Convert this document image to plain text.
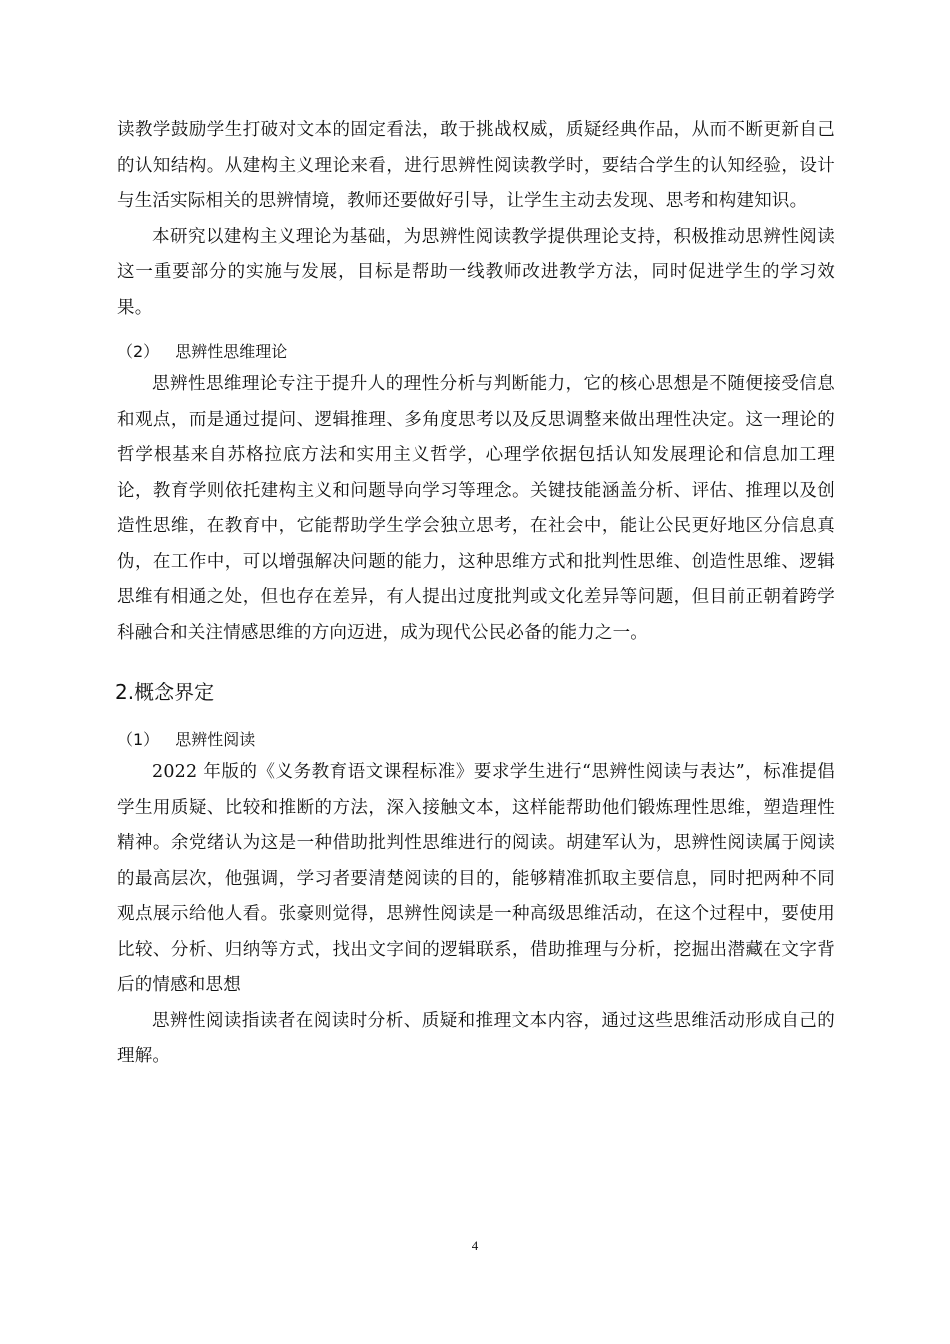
读教学鼓励学生打破对文本的固定看法，敢于挑战权威，质疑经典作品，从而不断更新自己的认知结构。从建构主义理论来看，进行思辨性阅读教学时，要结合学生的认知经验，设计与生活实际相关的思辨情境，教师还要做好引导，让学生主动去发现、思考和构建知识。

本研究以建构主义理论为基础，为思辨性阅读教学提供理论支持，积极推动思辨性阅读这一重要部分的实施与发展，目标是帮助一线教师改进教学方法，同时促进学生的学习效果。

（2） 思辨性思维理论

思辨性思维理论专注于提升人的理性分析与判断能力，它的核心思想是不随便接受信息和观点，而是通过提问、逻辑推理、多角度思考以及反思调整来做出理性决定。这一理论的哲学根基来自苏格拉底方法和实用主义哲学，心理学依据包括认知发展理论和信息加工理论，教育学则依托建构主义和问题导向学习等理念。关键技能涵盖分析、评估、推理以及创造性思维，在教育中，它能帮助学生学会独立思考，在社会中，能让公民更好地区分信息真伪，在工作中，可以增强解决问题的能力，这种思维方式和批判性思维、创造性思维、逻辑思维有相通之处，但也存在差异，有人提出过度批判或文化差异等问题，但目前正朝着跨学科融合和关注情感思维的方向迈进，成为现代公民必备的能力之一。

2.概念界定
（1） 思辨性阅读

2022 年版的《义务教育语文课程标准》要求学生进行“思辨性阅读与表达”，标准提倡学生用质疑、比较和推断的方法，深入接触文本，这样能帮助他们锻炼理性思维，塑造理性精神。余党绪认为这是一种借助批判性思维进行的阅读。胡建军认为，思辨性阅读属于阅读的最高层次，他强调，学习者要清楚阅读的目的，能够精准抓取主要信息，同时把两种不同观点展示给他人看。张豪则觉得，思辨性阅读是一种高级思维活动，在这个过程中，要使用比较、分析、归纳等方式，找出文字间的逻辑联系，借助推理与分析，挖掘出潜藏在文字背后的情感和思想

思辨性阅读指读者在阅读时分析、质疑和推理文本内容，通过这些思维活动形成自己的理解。

4
